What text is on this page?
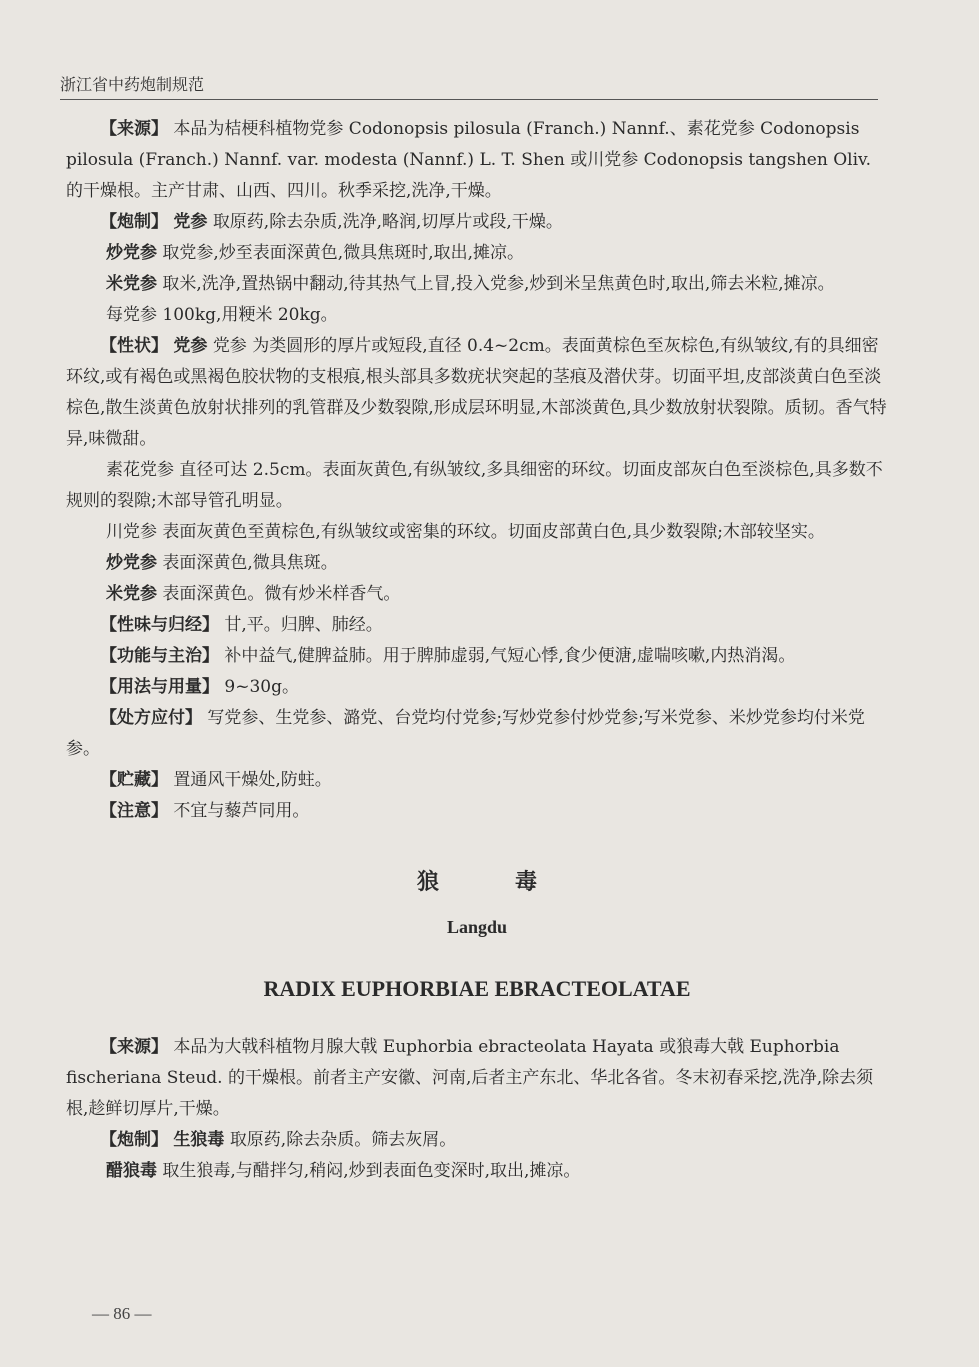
浙江省中药炮制规范

【来源】 本品为桔梗科植物党参 Codonopsis pilosula (Franch.) Nannf.、素花党参 Codonopsis pilosula (Franch.) Nannf. var. modesta (Nannf.) L. T. Shen 或川党参 Codonopsis tangshen Oliv. 的干燥根。主产甘肃、山西、四川。秋季采挖,洗净,干燥。

【炮制】 党参 取原药,除去杂质,洗净,略润,切厚片或段,干燥。

炒党参 取党参,炒至表面深黄色,微具焦斑时,取出,摊凉。

米党参 取米,洗净,置热锅中翻动,待其热气上冒,投入党参,炒到米呈焦黄色时,取出,筛去米粒,摊凉。

每党参 100kg,用粳米 20kg。

【性状】 党参 党参 为类圆形的厚片或短段,直径 0.4~2cm。表面黄棕色至灰棕色,有纵皱纹,有的具细密环纹,或有褐色或黑褐色胶状物的支根痕,根头部具多数疣状突起的茎痕及潜伏芽。切面平坦,皮部淡黄白色至淡棕色,散生淡黄色放射状排列的乳管群及少数裂隙,形成层环明显,木部淡黄色,具少数放射状裂隙。质韧。香气特异,味微甜。

素花党参 直径可达 2.5cm。表面灰黄色,有纵皱纹,多具细密的环纹。切面皮部灰白色至淡棕色,具多数不规则的裂隙;木部导管孔明显。

川党参 表面灰黄色至黄棕色,有纵皱纹或密集的环纹。切面皮部黄白色,具少数裂隙;木部较坚实。

炒党参 表面深黄色,微具焦斑。

米党参 表面深黄色。微有炒米样香气。

【性味与归经】 甘,平。归脾、肺经。

【功能与主治】 补中益气,健脾益肺。用于脾肺虚弱,气短心悸,食少便溏,虚喘咳嗽,内热消渴。

【用法与用量】 9~30g。

【处方应付】 写党参、生党参、潞党、台党均付党参;写炒党参付炒党参;写米党参、米炒党参均付米党参。

【贮藏】 置通风干燥处,防蛀。

【注意】 不宜与藜芦同用。

狼	毒
Langdu
RADIX EUPHORBIAE EBRACTEOLATAE

【来源】 本品为大戟科植物月腺大戟 Euphorbia ebracteolata Hayata 或狼毒大戟 Euphorbia fischeriana Steud. 的干燥根。前者主产安徽、河南,后者主产东北、华北各省。冬末初春采挖,洗净,除去须根,趁鲜切厚片,干燥。

【炮制】 生狼毒 取原药,除去杂质。筛去灰屑。

醋狼毒 取生狼毒,与醋拌匀,稍闷,炒到表面色变深时,取出,摊凉。

— 86 —
